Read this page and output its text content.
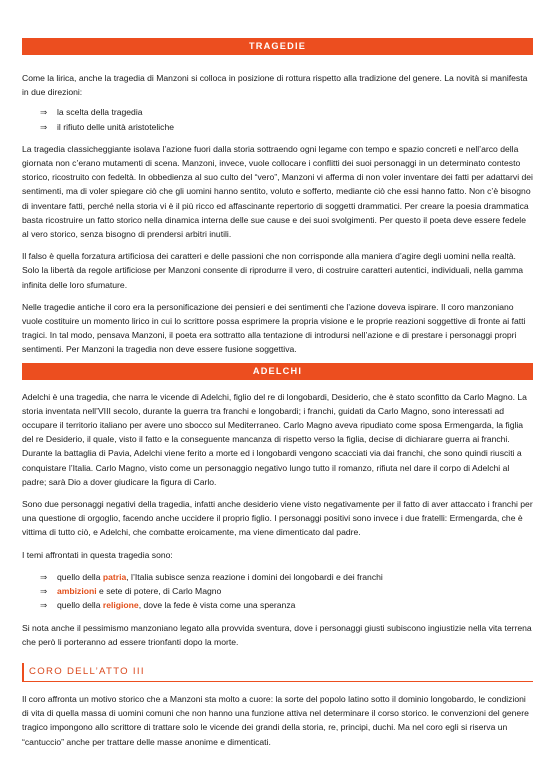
TRAGEDIE

Come la lirica, anche la tragedia di Manzoni si colloca in posizione di rottura rispetto alla tradizione del genere. La novità si manifesta in due direzioni:

⇒	la scelta della tragedia
⇒	il rifiuto delle unità aristoteliche

La tragedia classicheggiante isolava l’azione fuori dalla storia sottraendo ogni legame con tempo e spazio concreti e nell’arco della giornata non c’erano mutamenti di scena. Manzoni, invece, vuole collocare i conflitti dei suoi personaggi in un determinato contesto storico, ricostruito con fedeltà. In obbedienza al suo culto del “vero”, Manzoni vi afferma di non voler inventare dei fatti per adattarvi dei sentimenti, ma di voler spiegare ciò che gli uomini hanno sentito, voluto e sofferto, mediante ciò che essi hanno fatto. Non c’è bisogno di inventare fatti, perché nella storia vi è il più ricco ed affascinante repertorio di soggetti drammatici. Per creare la poesia drammatica basta ricostruire un fatto storico nella dinamica interna delle sue cause e dei suoi svolgimenti. Per questo il poeta deve essere fedele al vero storico, senza bisogno di prendersi arbitri inutili.

Il falso è quella forzatura artificiosa dei caratteri e delle passioni che non corrisponde alla maniera d’agire degli uomini nella realtà. Solo la libertà da regole artificiose per Manzoni consente di riprodurre il vero, di costruire caratteri autentici, individuali, nella gamma infinita delle loro sfumature.

Nelle tragedie antiche il coro era la personificazione dei pensieri e dei sentimenti che l’azione doveva ispirare. Il coro manzoniano vuole costituire un momento lirico in cui lo scrittore possa esprimere la propria visione e le proprie reazioni soggettive di fronte ai fatti tragici. In tal modo, pensava Manzoni, il poeta era sottratto alla tentazione di introdursi nell’azione e di prestare i personaggi propri sentimenti. Per Manzoni la tragedia non deve essere fusione soggettiva.

ADELCHI

Adelchi è una tragedia, che narra le vicende di Adelchi, figlio del re di longobardi, Desiderio, che è stato sconfitto da Carlo Magno. La storia inventata nell’VIII secolo, durante la guerra tra franchi e longobardi; i franchi, guidati da Carlo Magno, sono interessati ad occupare il territorio italiano per avere uno sbocco sul Mediterraneo. Carlo Magno aveva ripudiato come sposa Ermengarda, la figlia del re Desiderio, il quale, visto il fatto e la conseguente mancanza di rispetto verso la figlia, decise di dichiarare guerra ai franchi. Durante la battaglia di Pavia, Adelchi viene ferito a morte ed i longobardi vengono scacciati via dai franchi, che sono quindi riusciti a conquistare l’Italia. Carlo Magno, visto come un personaggio negativo lungo tutto il romanzo, rifiuta nel dare il corpo di Adelchi al padre; sarà Dio a dover giudicare la figura di Carlo.

Sono due personaggi negativi della tragedia, infatti anche desiderio viene visto negativamente per il fatto di aver attaccato i franchi per una questione di orgoglio, facendo anche uccidere il proprio figlio. I personaggi positivi sono invece i due fratelli: Ermengarda, che è vittima di tutto ciò, e Adelchi, che combatte eroicamente, ma viene dimenticato dal padre.

I temi affrontati in questa tragedia sono:

⇒	quello della patria, l’Italia subisce senza reazione i domini dei longobardi e dei franchi
⇒	ambizioni e sete di potere, di Carlo Magno
⇒	quello della religione, dove la fede è vista come una speranza

Si nota anche il pessimismo manzoniano legato alla provvida sventura, dove i personaggi giusti subiscono ingiustizie nella vita terrena che però li porteranno ad essere trionfanti dopo la morte.

CORO DELL’ATTO III

Il coro affronta un motivo storico che a Manzoni sta molto a cuore: la sorte del popolo latino sotto il dominio longobardo, le condizioni di vita di quella massa di uomini comuni che non hanno una funzione attiva nel determinare il corso storico. le convenzioni del genere tragico impongono allo scrittore di trattare solo le vicende dei grandi della storia, re, principi, duchi. Ma nel coro egli si riserva un “cantuccio” anche per trattare delle masse anonime e dimenticati.
